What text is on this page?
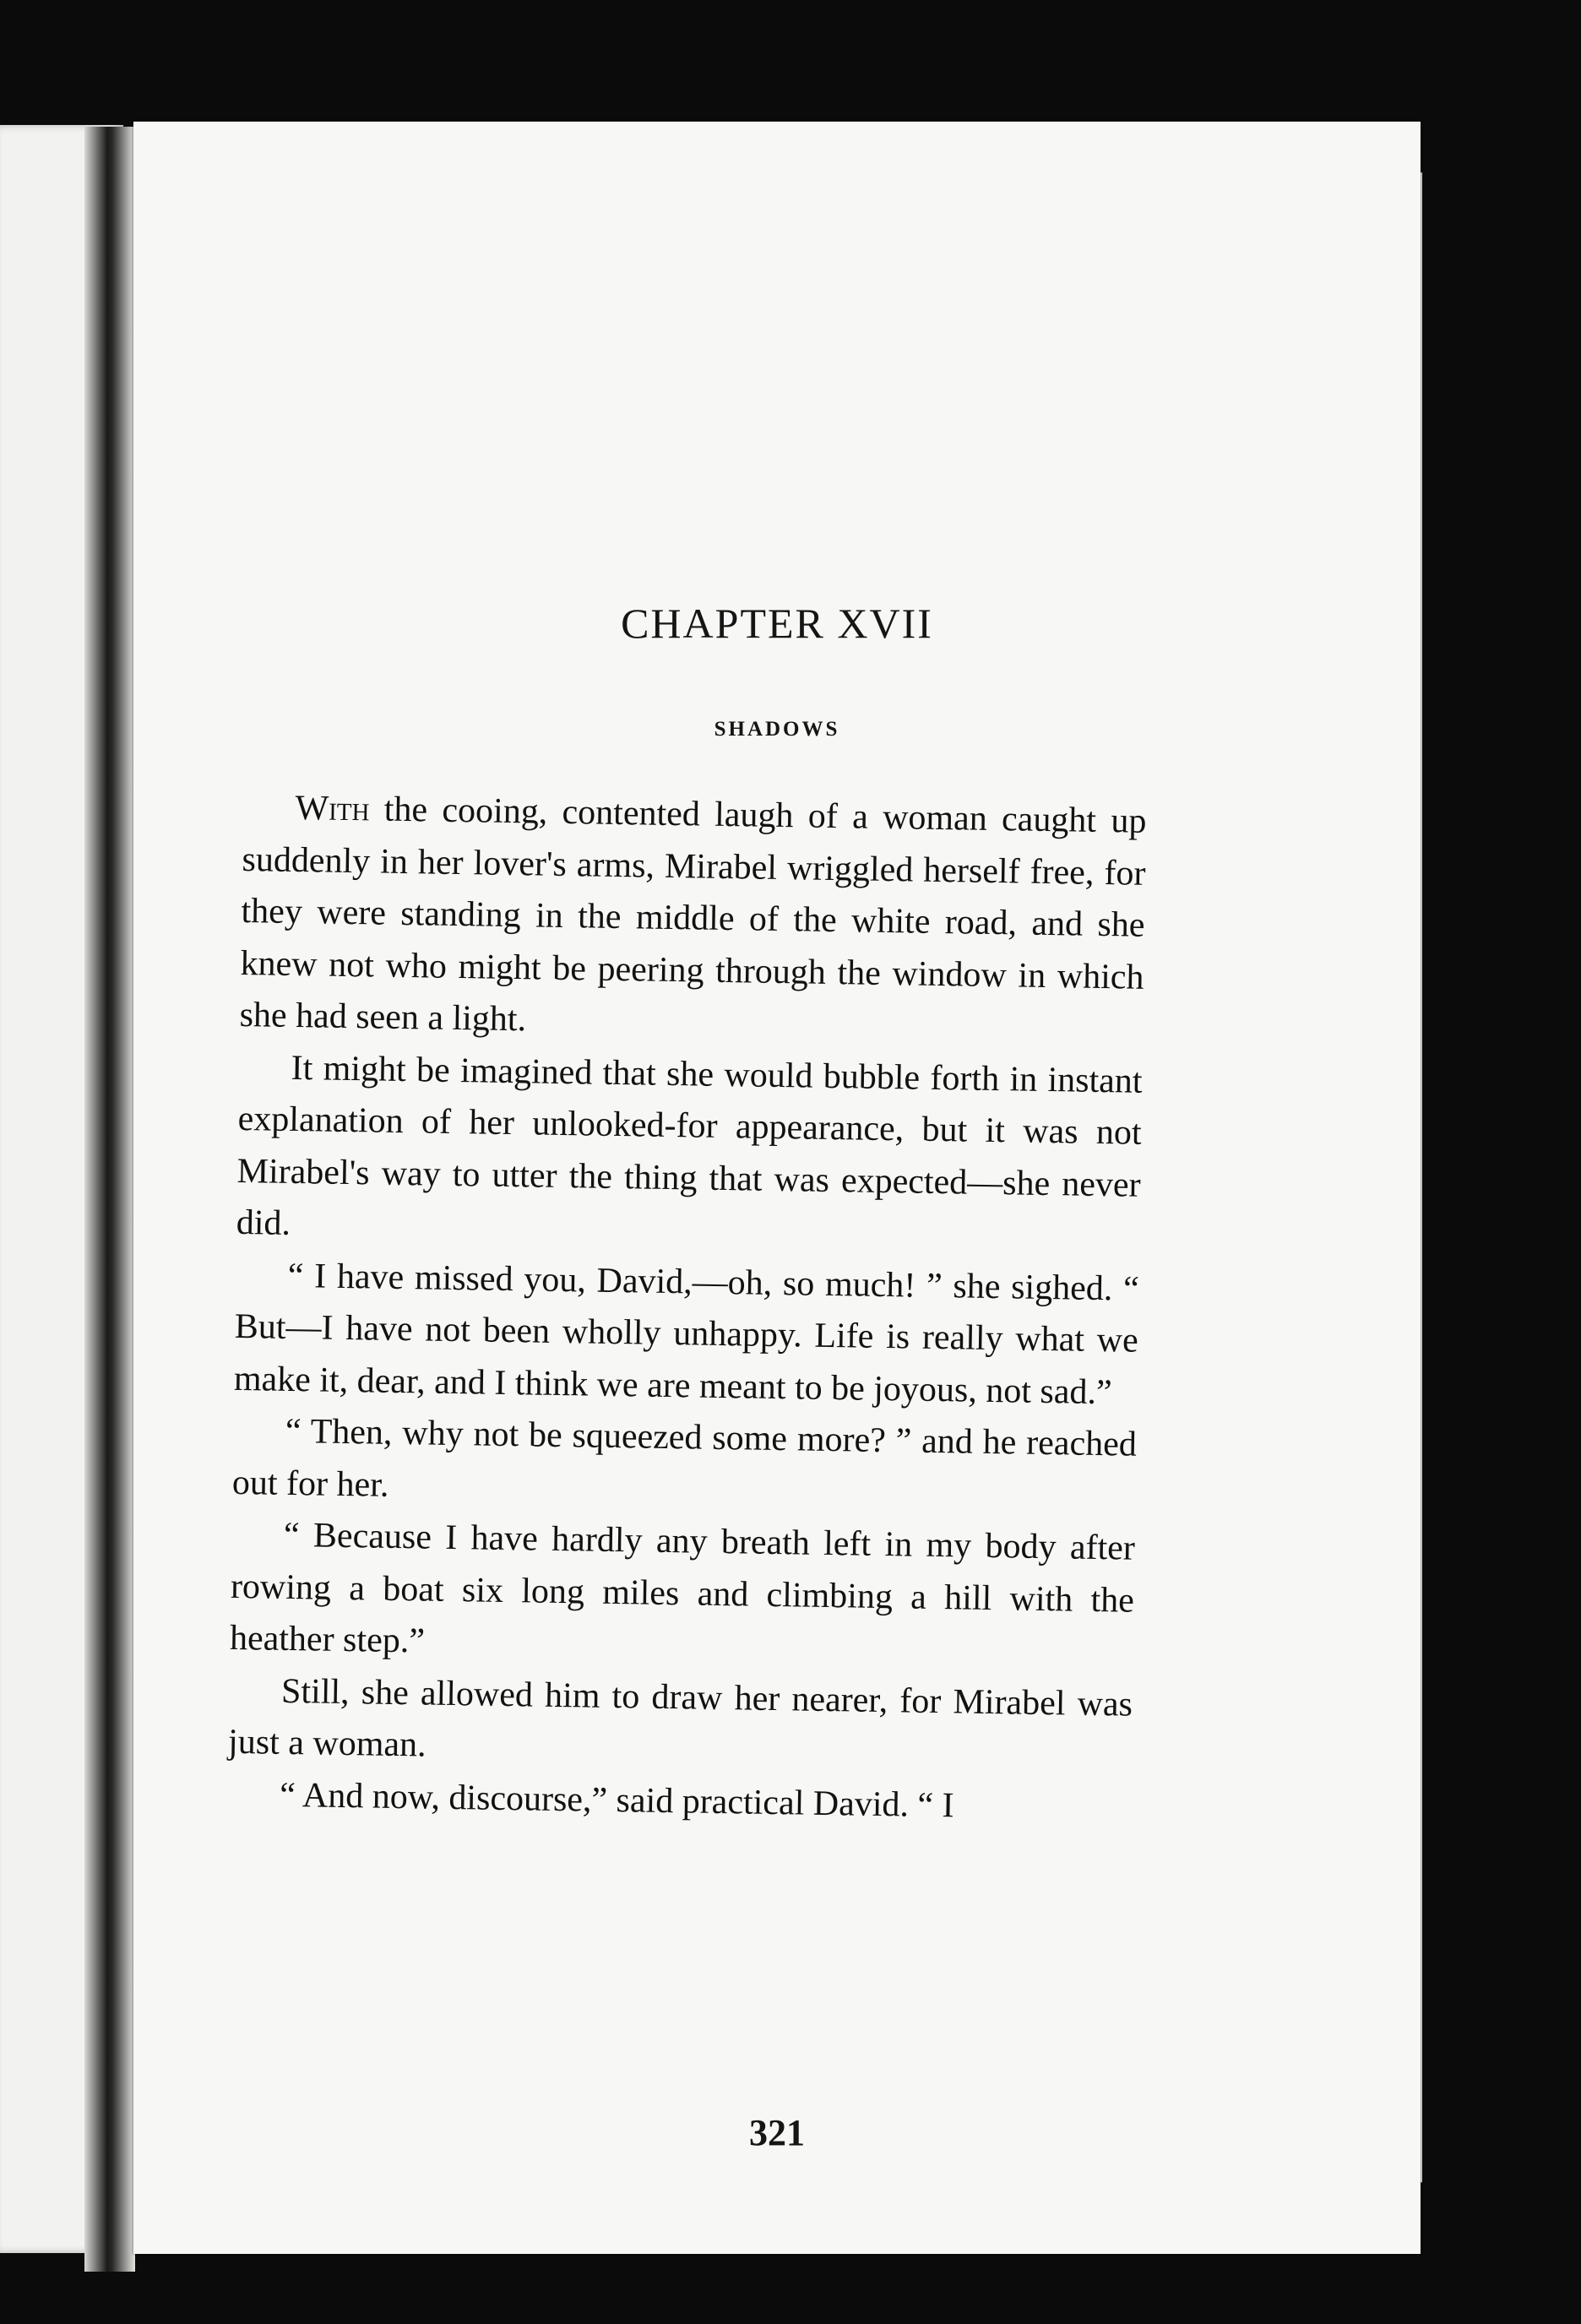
CHAPTER XVII
SHADOWS

With the cooing, contented laugh of a woman caught up suddenly in her lover's arms, Mirabel wriggled herself free, for they were standing in the middle of the white road, and she knew not who might be peering through the window in which she had seen a light.

It might be imagined that she would bubble forth in instant explanation of her unlooked-for appearance, but it was not Mirabel's way to utter the thing that was expected—she never did.

“ I have missed you, David,—oh, so much! ” she sighed. “ But—I have not been wholly unhappy. Life is really what we make it, dear, and I think we are meant to be joyous, not sad.”

“ Then, why not be squeezed some more? ” and he reached out for her.

“ Because I have hardly any breath left in my body after rowing a boat six long miles and climbing a hill with the heather step.”

Still, she allowed him to draw her nearer, for Mirabel was just a woman.

“ And now, discourse,” said practical David. “ I

321
